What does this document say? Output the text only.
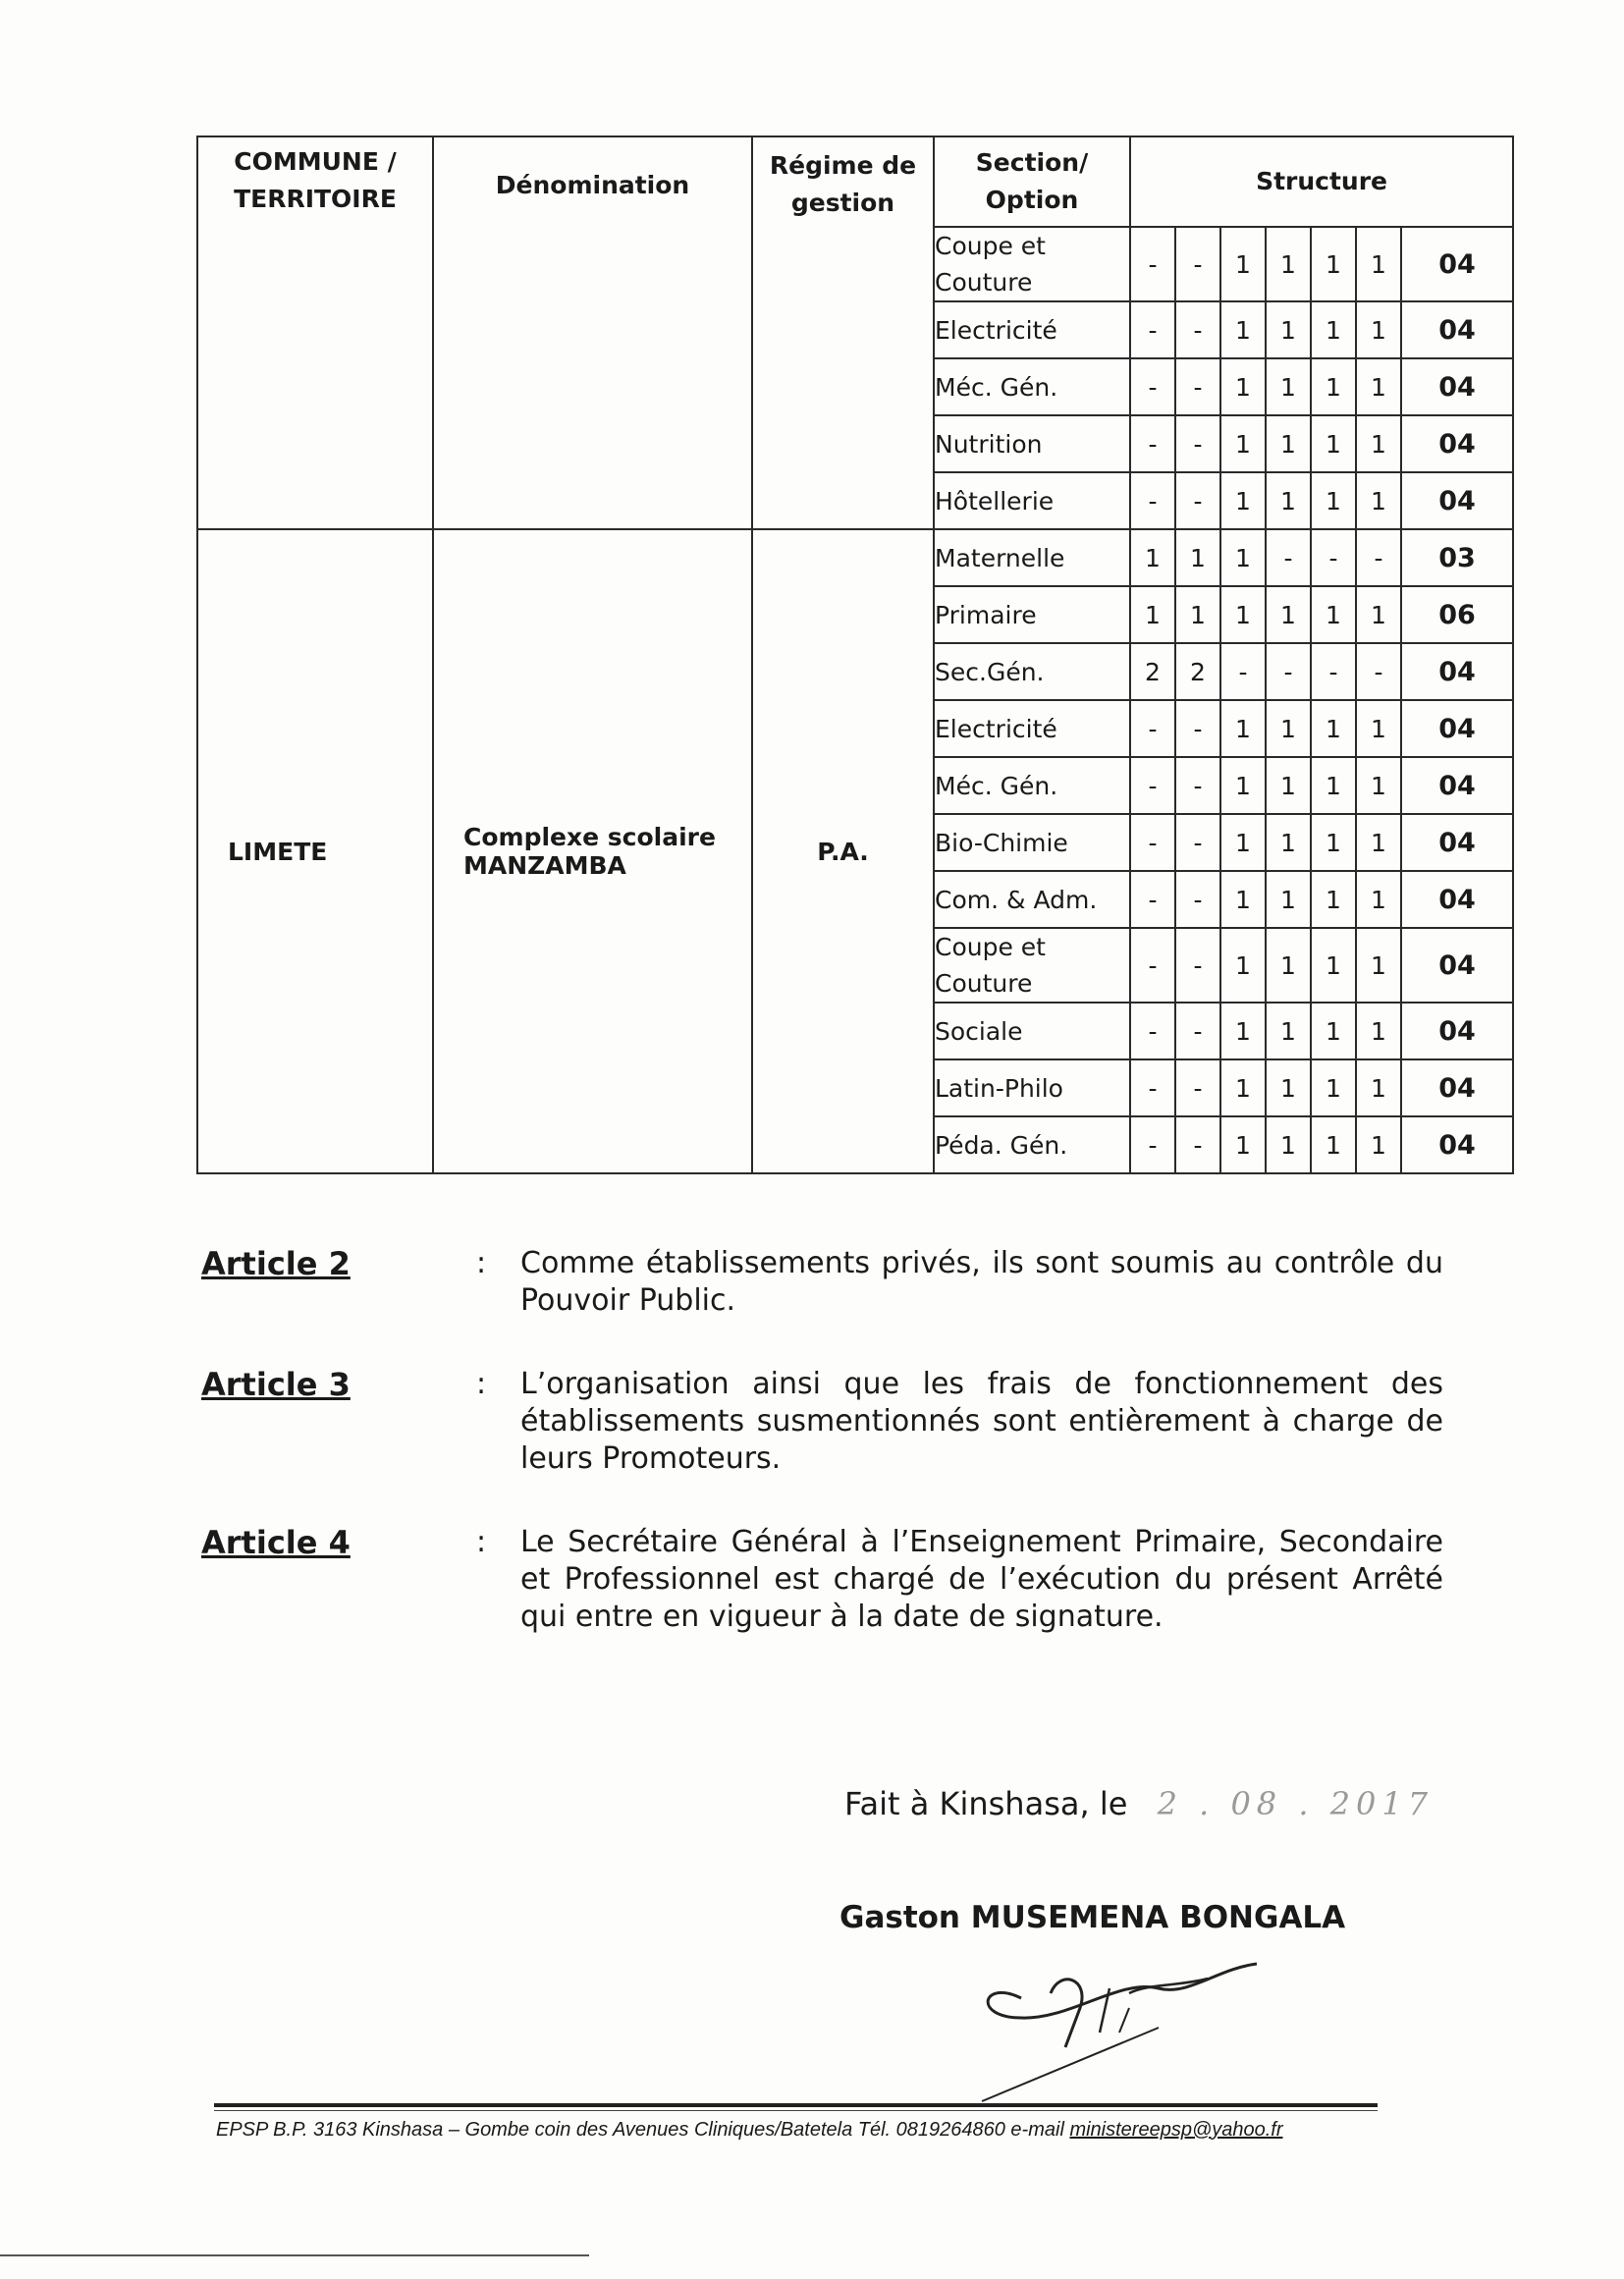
COMMUNE / TERRITOIRE	Dénomination	Régime de gestion	Section/ Option	Structure						
			Coupe et Couture	-	-	1	1	1	1	04
			Electricité	-	-	1	1	1	1	04
			Méc. Gén.	-	-	1	1	1	1	04
			Nutrition	-	-	1	1	1	1	04
			Hôtellerie	-	-	1	1	1	1	04
LIMETE	Complexe scolaire MANZAMBA	P.A.	Maternelle	1	1	1	-	-	-	03
			Primaire	1	1	1	1	1	1	06
			Sec.Gén.	2	2	-	-	-	-	04
			Electricité	-	-	1	1	1	1	04
			Méc. Gén.	-	-	1	1	1	1	04
			Bio-Chimie	-	-	1	1	1	1	04
			Com. & Adm.	-	-	1	1	1	1	04
			Coupe et Couture	-	-	1	1	1	1	04
			Sociale	-	-	1	1	1	1	04
			Latin-Philo	-	-	1	1	1	1	04
			Péda. Gén.	-	-	1	1	1	1	04
Article 2	:	Comme établissements privés, ils sont soumis au contrôle du Pouvoir Public.
Article 3	:	L’organisation ainsi que les frais de fonctionnement des établissements susmentionnés sont entièrement à charge de leurs Promoteurs.
Article 4	:	Le Secrétaire Général à l’Enseignement Primaire, Secondaire et Professionnel est chargé de l’exécution du présent Arrêté qui entre en vigueur à la date de signature.
Fait à Kinshasa, le 2 . 08 . 2017
Gaston MUSEMENA BONGALA
EPSP B.P. 3163 Kinshasa – Gombe coin des Avenues Cliniques/Batetela Tél. 0819264860 e-mail ministereepsp@yahoo.fr
